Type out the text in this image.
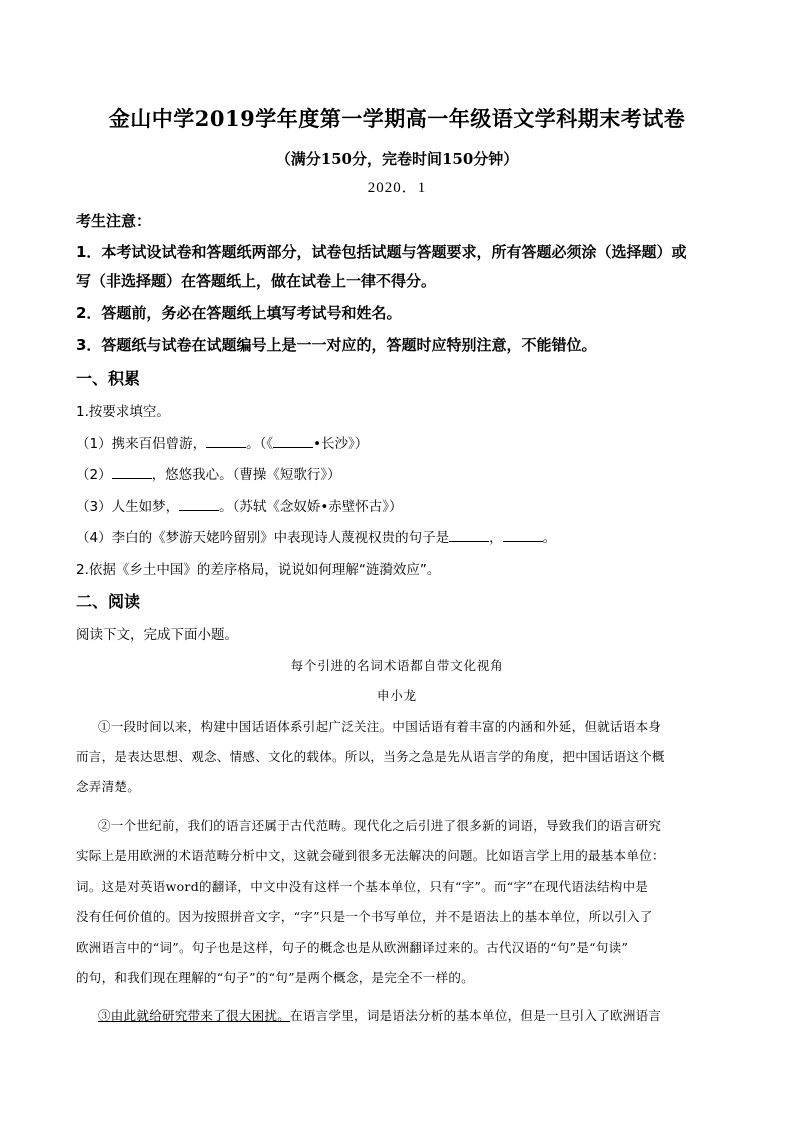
金山中学2019学年度第一学期高一年级语文学科期末考试卷
（满分150分，完卷时间150分钟）
2020．1
考生注意：
1．本考试设试卷和答题纸两部分，试卷包括试题与答题要求，所有答题必须涂（选择题）或
写（非选择题）在答题纸上，做在试卷上一律不得分。
2．答题前，务必在答题纸上填写考试号和姓名。
3．答题纸与试卷在试题编号上是一一对应的，答题时应特别注意，不能错位。
一、积累
1.按要求填空。
（1）携来百侣曾游，	。（《	•长沙》）
（2）	，悠悠我心。（曹操《短歌行》）
（3）人生如梦，	。（苏轼《念奴娇•赤壁怀古》）
（4）李白的《梦游天姥吟留别》中表现诗人蔑视权贵的句子是	，	。
2.依据《乡土中国》的差序格局，说说如何理解“涟漪效应”。
二、阅读
阅读下文，完成下面小题。
每个引进的名词术语都自带文化视角
申小龙
①一段时间以来，构建中国话语体系引起广泛关注。中国话语有着丰富的内涵和外延，但就话语本身
而言，是表达思想、观念、情感、文化的载体。所以，当务之急是先从语言学的角度，把中国话语这个概
念弄清楚。
②一个世纪前，我们的语言还属于古代范畴。现代化之后引进了很多新的词语，导致我们的语言研究
实际上是用欧洲的术语范畴分析中文，这就会碰到很多无法解决的问题。比如语言学上用的最基本单位：
词。这是对英语word的翻译，中文中没有这样一个基本单位，只有“字”。而“字”在现代语法结构中是
没有任何价值的。因为按照拼音文字，“字”只是一个书写单位，并不是语法上的基本单位，所以引入了
欧洲语言中的“词”。句子也是这样，句子的概念也是从欧洲翻译过来的。古代汉语的“句”是“句读”
的句，和我们现在理解的“句子”的“句”是两个概念，是完全不一样的。
③由此就给研究带来了很大困扰。在语言学里，词是语法分析的基本单位，但是一旦引入了欧洲语言
